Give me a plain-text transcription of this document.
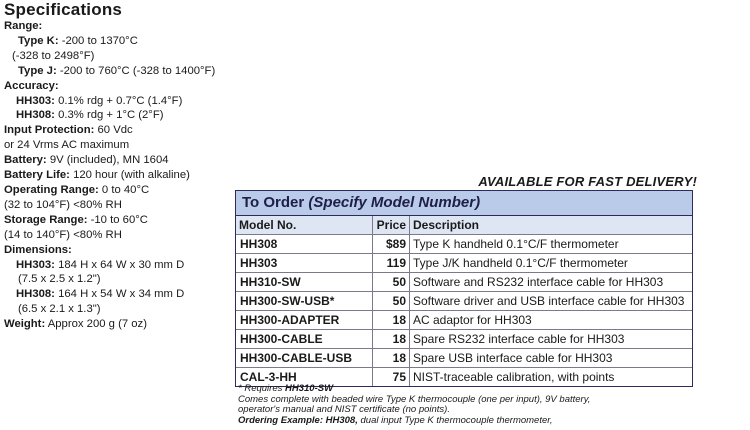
Specifications
Range:
Type K: -200 to 1370°C
(-328 to 2498°F)
Type J: -200 to 760°C (-328 to 1400°F)
Accuracy:
HH303: 0.1% rdg + 0.7°C (1.4°F)
HH308: 0.3% rdg + 1°C (2°F)
Input Protection: 60 Vdc
or 24 Vrms AC maximum
Battery: 9V (included), MN 1604
Battery Life: 120 hour (with alkaline)
Operating Range: 0 to 40°C
(32 to 104°F) <80% RH
Storage Range: -10 to 60°C
(14 to 140°F) <80% RH
Dimensions:
HH303: 184 H x 64 W x 30 mm D
(7.5 x 2.5 x 1.2")
HH308: 164 H x 54 W x 34 mm D
(6.5 x 2.1 x 1.3")
Weight: Approx 200 g (7 oz)
AVAILABLE FOR FAST DELIVERY!
To Order (Specify Model Number)
Model No.	Price	Description
HH308	$89	Type K handheld 0.1°C/F thermometer
HH303	119	Type J/K handheld 0.1°C/F thermometer
HH310-SW	50	Software and RS232 interface cable for HH303
HH300-SW-USB*	50	Software driver and USB interface cable for HH303
HH300-ADAPTER	18	AC adaptor for HH303
HH300-CABLE	18	Spare RS232 interface cable for HH303
HH300-CABLE-USB	18	Spare USB interface cable for HH303
CAL-3-HH	75	NIST-traceable calibration, with points
* Requires HH310-SW
Comes complete with beaded wire Type K thermocouple (one per input), 9V battery,
operator's manual and NIST certificate (no points).
Ordering Example: HH308, dual input Type K thermocouple thermometer,
